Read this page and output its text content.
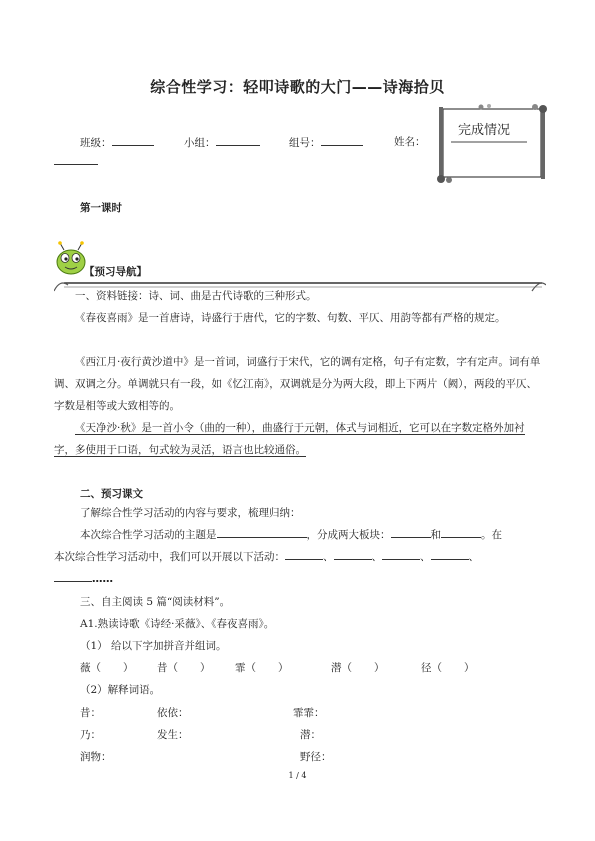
综合性学习：轻叩诗歌的大门——诗海拾贝
班级：	小组：	组号：	姓名：
完成情况
第一课时
【预习导航】
一、资料链接：诗、词、曲是古代诗歌的三种形式。
《春夜喜雨》是一首唐诗，诗盛行于唐代，它的字数、句数、平仄、用韵等都有严格的规定。
《西江月·夜行黄沙道中》是一首词，词盛行于宋代，它的调有定格，句子有定数，字有定声。词有单调、双调之分。单调就只有一段，如《忆江南》，双调就是分为两大段，即上下两片（阙），两段的平仄、字数是相等或大致相等的。
《天净沙·秋》是一首小令（曲的一种），曲盛行于元朝，体式与词相近，它可以在字数定格外加衬字，多使用于口语，句式较为灵活，语言也比较通俗。
二、预习课文
了解综合性学习活动的内容与要求，梳理归纳：
本次综合性学习活动的主题是	，分成两大板块：	和	。在
本次综合性学习活动中，我们可以开展以下活动：	、	、	、	、
……
三、自主阅读 5 篇“阅读材料”。
A1.熟读诗歌《诗经·采薇》、《春夜喜雨》。
（1） 给以下字加拼音并组词。
薇（ ） 昔（ ） 霏（ ）	潜（ ）	径（ ）
（2）解释词语。
昔：	依依：	霏霏：
乃：	发生：	潜：
润物：	野径：
1 / 4
